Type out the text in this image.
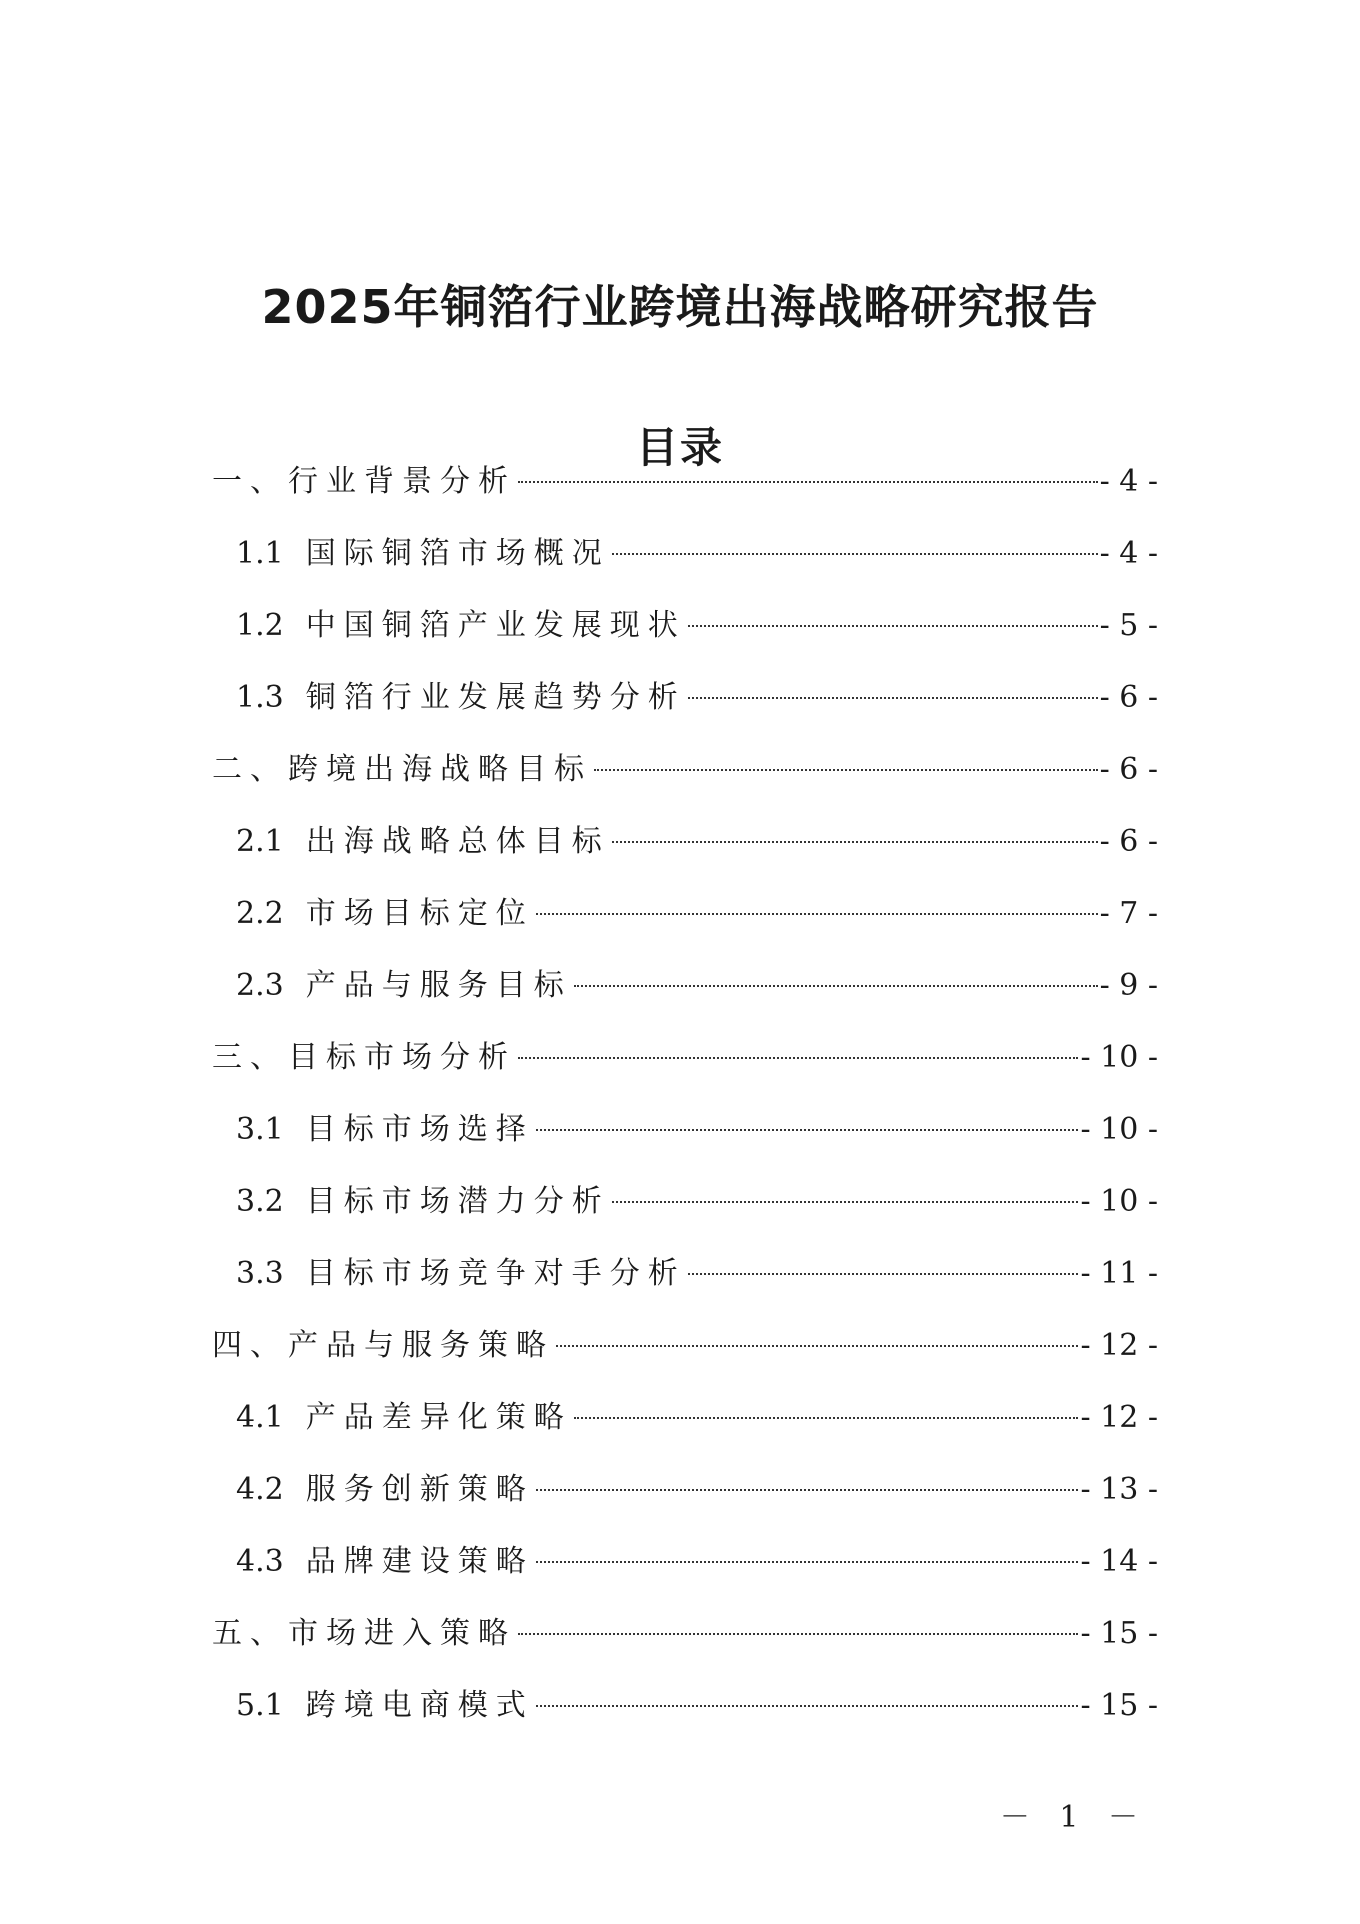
2025年铜箔行业跨境出海战略研究报告
目录
一、行业背景分析	- 4 -
1.1 国际铜箔市场概况	- 4 -
1.2 中国铜箔产业发展现状	- 5 -
1.3 铜箔行业发展趋势分析	- 6 -
二、跨境出海战略目标	- 6 -
2.1 出海战略总体目标	- 6 -
2.2 市场目标定位	- 7 -
2.3 产品与服务目标	- 9 -
三、目标市场分析	- 10 -
3.1 目标市场选择	- 10 -
3.2 目标市场潜力分析	- 10 -
3.3 目标市场竞争对手分析	- 11 -
四、产品与服务策略	- 12 -
4.1 产品差异化策略	- 12 -
4.2 服务创新策略	- 13 -
4.3 品牌建设策略	- 14 -
五、市场进入策略	- 15 -
5.1 跨境电商模式	- 15 -
－ 1 －
